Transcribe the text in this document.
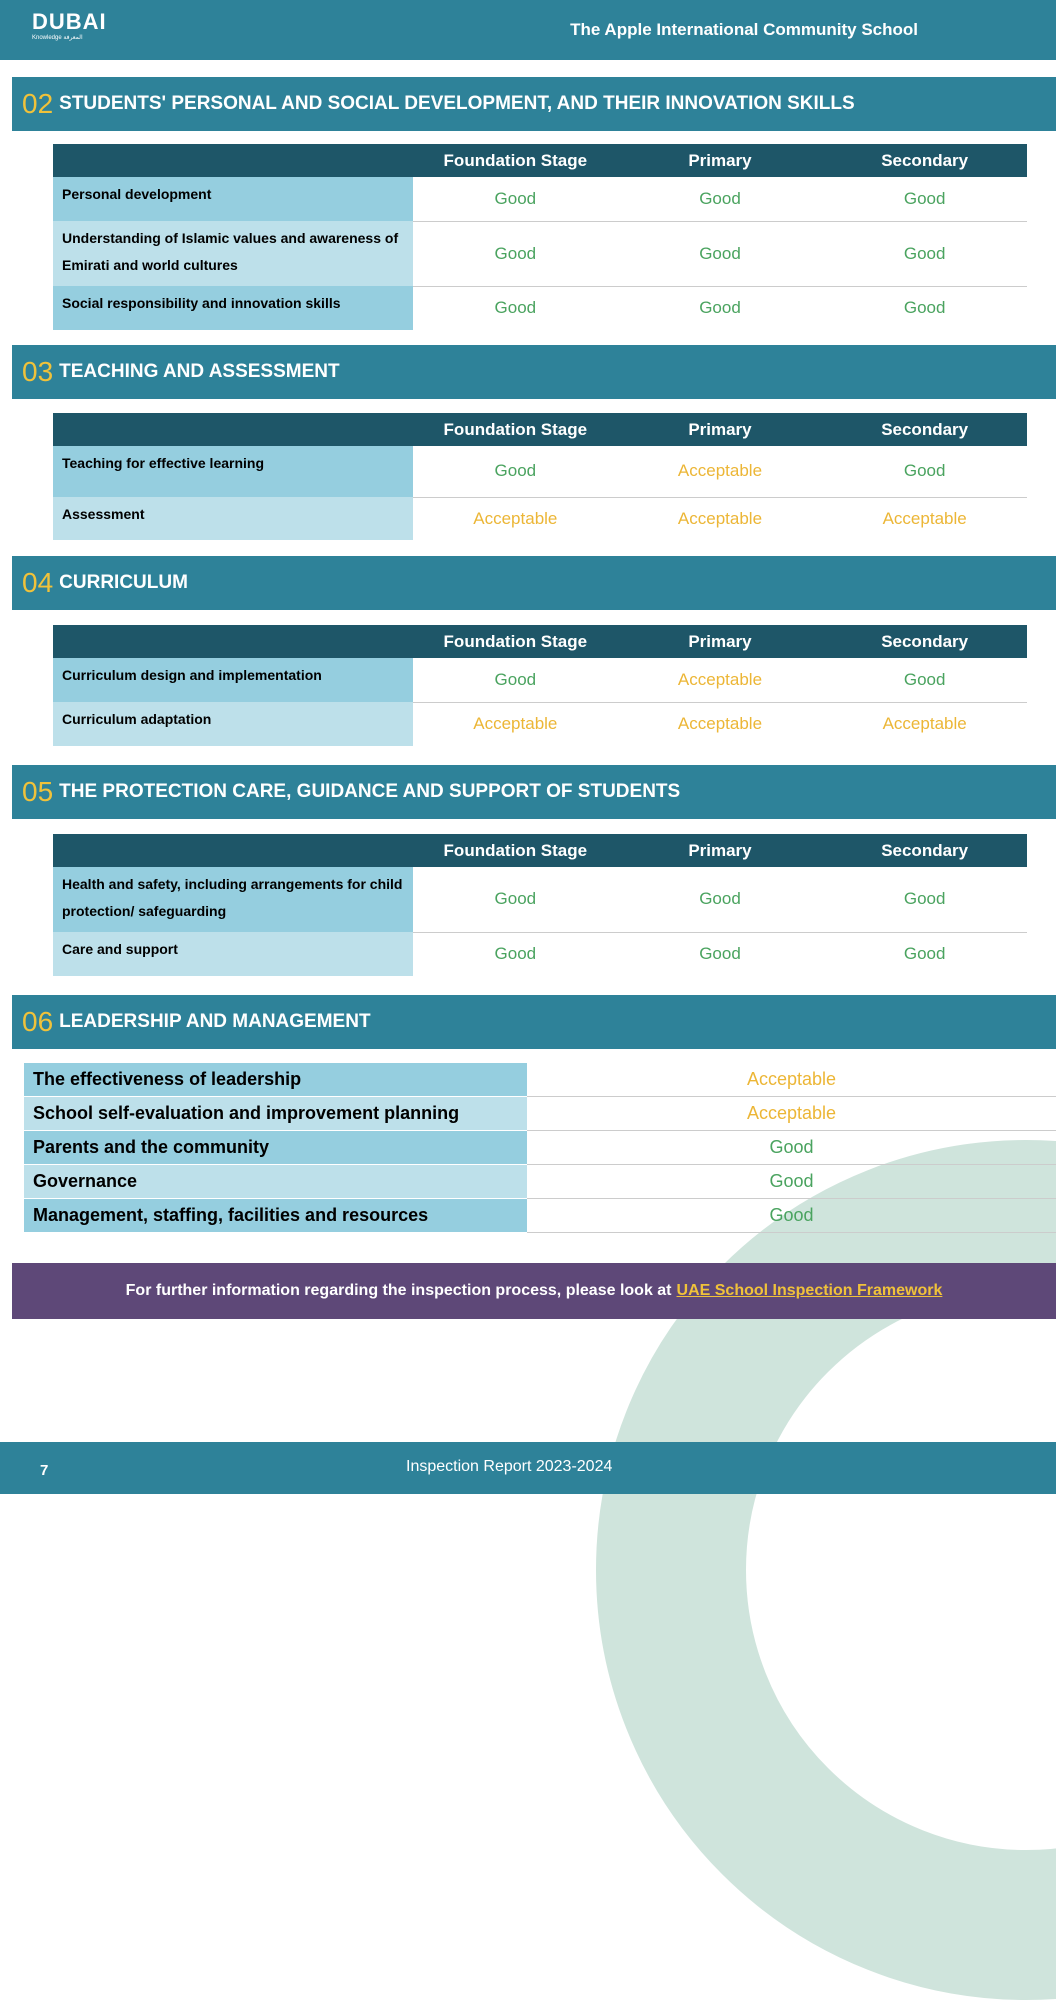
DUBAI
Knowledge المعرفة	The Apple International Community School
02 STUDENTS' PERSONAL AND SOCIAL DEVELOPMENT, AND THEIR INNOVATION SKILLS
	Foundation Stage	Primary	Secondary
Personal development	Good	Good	Good
Understanding of Islamic values and awareness of Emirati and world cultures	Good	Good	Good
Social responsibility and innovation skills	Good	Good	Good
03 TEACHING AND ASSESSMENT
	Foundation Stage	Primary	Secondary
Teaching for effective learning	Good	Acceptable	Good
Assessment	Acceptable	Acceptable	Acceptable
04 CURRICULUM
	Foundation Stage	Primary	Secondary
Curriculum design and implementation	Good	Acceptable	Good
Curriculum adaptation	Acceptable	Acceptable	Acceptable
05 THE PROTECTION CARE, GUIDANCE AND SUPPORT OF STUDENTS
	Foundation Stage	Primary	Secondary
Health and safety, including arrangements for child protection/ safeguarding	Good	Good	Good
Care and support	Good	Good	Good
06 LEADERSHIP AND MANAGEMENT
The effectiveness of leadership	Acceptable
School self-evaluation and improvement planning	Acceptable
Parents and the community	Good
Governance	Good
Management, staffing, facilities and resources	Good
For further information regarding the inspection process, please look at UAE School Inspection Framework
7	Inspection Report 2023-2024
